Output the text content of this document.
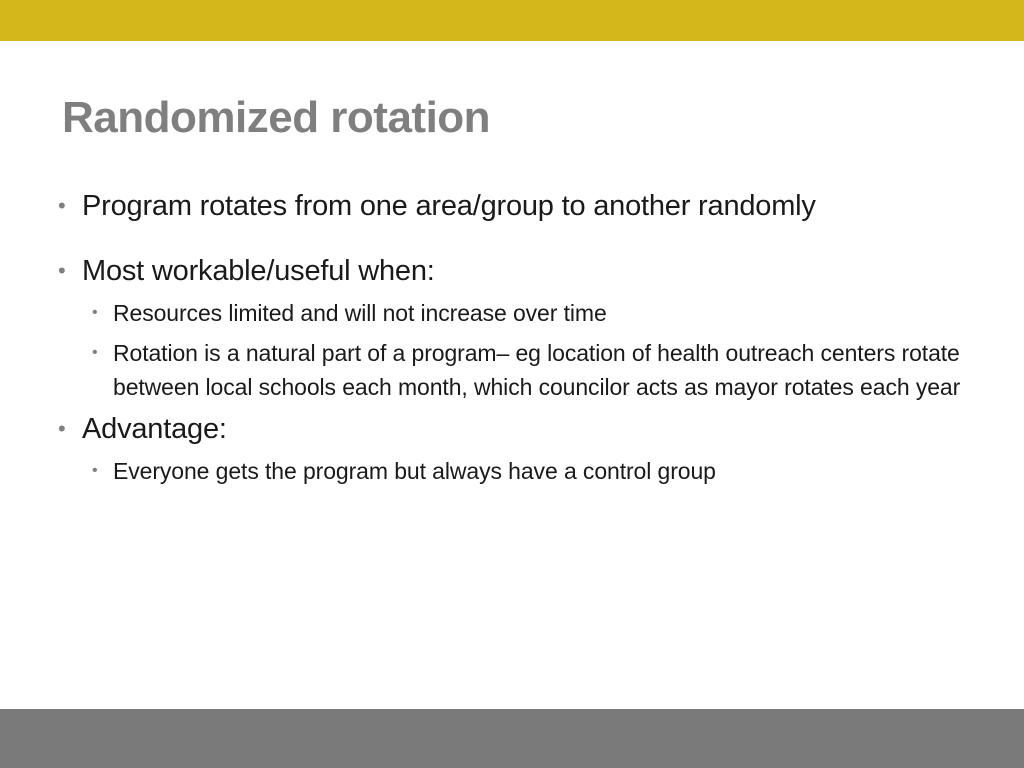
Randomized rotation
• Program rotates from one area/group to another randomly
• Most workable/useful when:
• Resources limited and will not increase over time
• Rotation is a natural part of a program– eg location of health outreach centers rotate between local schools each month, which councilor acts as mayor rotates each year
• Advantage:
• Everyone gets the program but always have a control group
